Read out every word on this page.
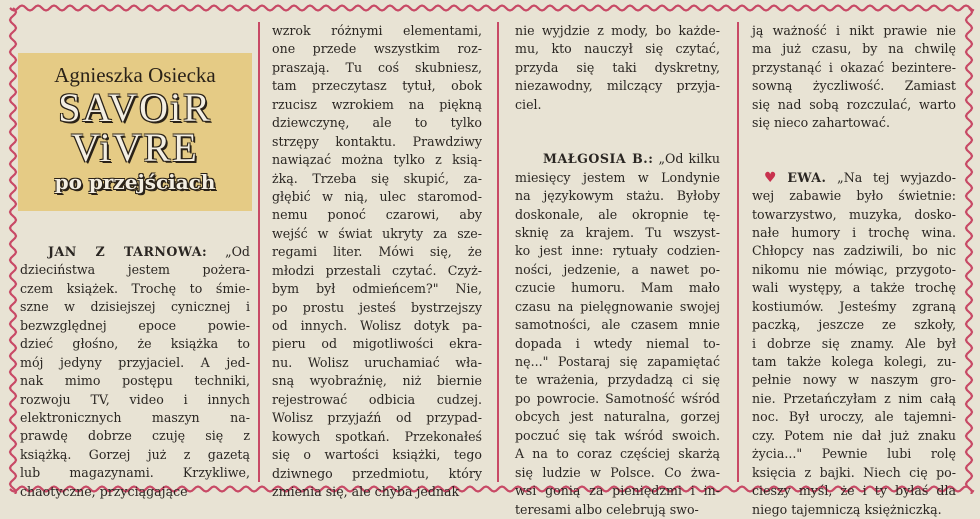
Agnieszka Osiecka
SAVOiR
ViVRE
po przejściach
JAN Z TARNOWA: „Od
dzieciństwa jestem pożera-
czem książek. Trochę to śmie-
szne w dzisiejszej cynicznej i
bezwzględnej epoce powie-
dzieć głośno, że książka to
mój jedyny przyjaciel. A jed-
nak mimo postępu techniki,
rozwoju TV, video i innych
elektronicznych maszyn na-
prawdę dobrze czuję się z
książką. Gorzej już z gazetą
lub magazynami. Krzykliwe,
chaotyczne, przyciągające
wzrok różnymi elementami,
one przede wszystkim roz-
praszają. Tu coś skubniesz,
tam przeczytasz tytuł, obok
rzucisz wzrokiem na piękną
dziewczynę, ale to tylko
strzępy kontaktu. Prawdziwy
nawiązać można tylko z ksią-
żką. Trzeba się skupić, za-
głębić w nią, ulec staromod-
nemu ponoć czarowi, aby
wejść w świat ukryty za sze-
regami liter. Mówi się, że
młodzi przestali czytać. Czyż-
bym był odmieńcem?" Nie,
po prostu jesteś bystrzejszy
od innych. Wolisz dotyk pa-
pieru od migotliwości ekra-
nu. Wolisz uruchamiać wła-
sną wyobraźnię, niż biernie
rejestrować odbicia cudzej.
Wolisz przyjaźń od przypad-
kowych spotkań. Przekonałeś
się o wartości książki, tego
dziwnego przedmiotu, który
zmienia się, ale chyba jednak
nie wyjdzie z mody, bo każde-
mu, kto nauczył się czytać,
przyda się taki dyskretny,
niezawodny, milczący przyja-
ciel.
MAŁGOSIA B.: „Od kilku
miesięcy jestem w Londynie
na językowym stażu. Byłoby
doskonale, ale okropnie tę-
sknię za krajem. Tu wszyst-
ko jest inne: rytuały codzien-
ności, jedzenie, a nawet po-
czucie humoru. Mam mało
czasu na pielęgnowanie swojej
samotności, ale czasem mnie
dopada i wtedy niemal to-
nę..." Postaraj się zapamiętać
te wrażenia, przydadzą ci się
po powrocie. Samotność wśród
obcych jest naturalna, gorzej
poczuć się tak wśród swoich.
A na to coraz częściej skarżą
się ludzie w Polsce. Co żwa-
wsi gonią za pieniędzmi i in-
teresami albo celebrują swo-
ją ważność i nikt prawie nie
ma już czasu, by na chwilę
przystanąć i okazać bezintere-
sowną życzliwość. Zamiast
się nad sobą rozczulać, warto
się nieco zahartować.
♥ EWA. „Na tej wyjazdo-
wej zabawie było świetnie:
towarzystwo, muzyka, dosko-
nałe humory i trochę wina.
Chłopcy nas zadziwili, bo nic
nikomu nie mówiąc, przygoto-
wali występy, a także trochę
kostiumów. Jesteśmy zgraną
paczką, jeszcze ze szkoły,
i dobrze się znamy. Ale był
tam także kolega kolegi, zu-
pełnie nowy w naszym gro-
nie. Przetańczyłam z nim całą
noc. Był uroczy, ale tajemni-
czy. Potem nie dał już znaku
życia..." Pewnie lubi rolę
księcia z bajki. Niech cię po-
cieszy myśl, że i ty byłaś dla
niego tajemniczą księżniczką.
